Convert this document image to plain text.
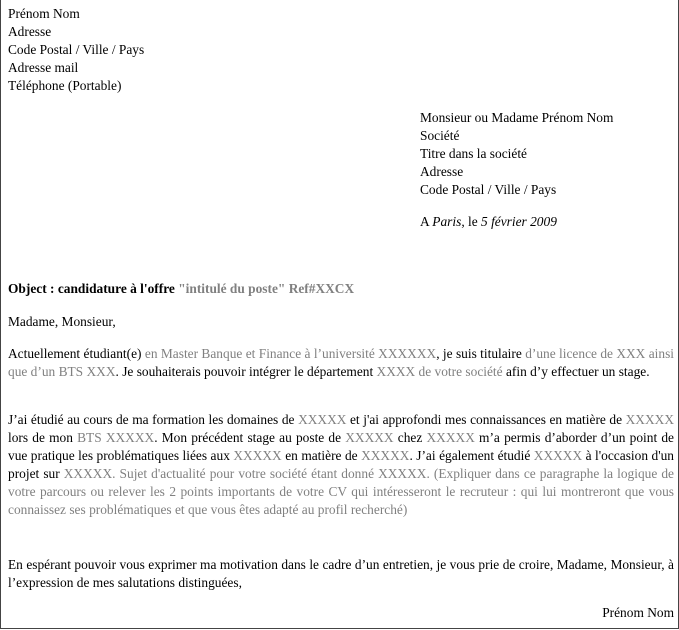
Prénom Nom
Adresse
Code Postal / Ville / Pays
Adresse mail
Téléphone (Portable)
Monsieur ou Madame Prénom Nom
Société
Titre dans la société
Adresse
Code Postal / Ville / Pays
A Paris, le 5 février 2009
Object : candidature à l'offre "intitulé du poste" Ref#XXCX
Madame, Monsieur,
Actuellement étudiant(e) en Master Banque et Finance à l’université XXXXXX, je suis titulaire d’une licence de XXX ainsi que d’un BTS XXX. Je souhaiterais pouvoir intégrer le département XXXX de votre société afin d’y effectuer un stage.
J’ai étudié au cours de ma formation les domaines de XXXXX et j'ai approfondi mes connaissances en matière de XXXXX lors de mon BTS XXXXX. Mon précédent stage au poste de XXXXX chez XXXXX m’a permis d’aborder d’un point de vue pratique les problématiques liées aux XXXXX en matière de XXXXX. J’ai également étudié XXXXX à l'occasion d'un projet sur XXXXX. Sujet d'actualité pour votre société étant donné XXXXX. (Expliquer dans ce paragraphe la logique de votre parcours ou relever les 2 points importants de votre CV qui intéresseront le recruteur : qui lui montreront que vous connaissez ses problématiques et que vous êtes adapté au profil recherché)
En espérant pouvoir vous exprimer ma motivation dans le cadre d’un entretien, je vous prie de croire, Madame, Monsieur, à l’expression de mes salutations distinguées,
Prénom Nom
